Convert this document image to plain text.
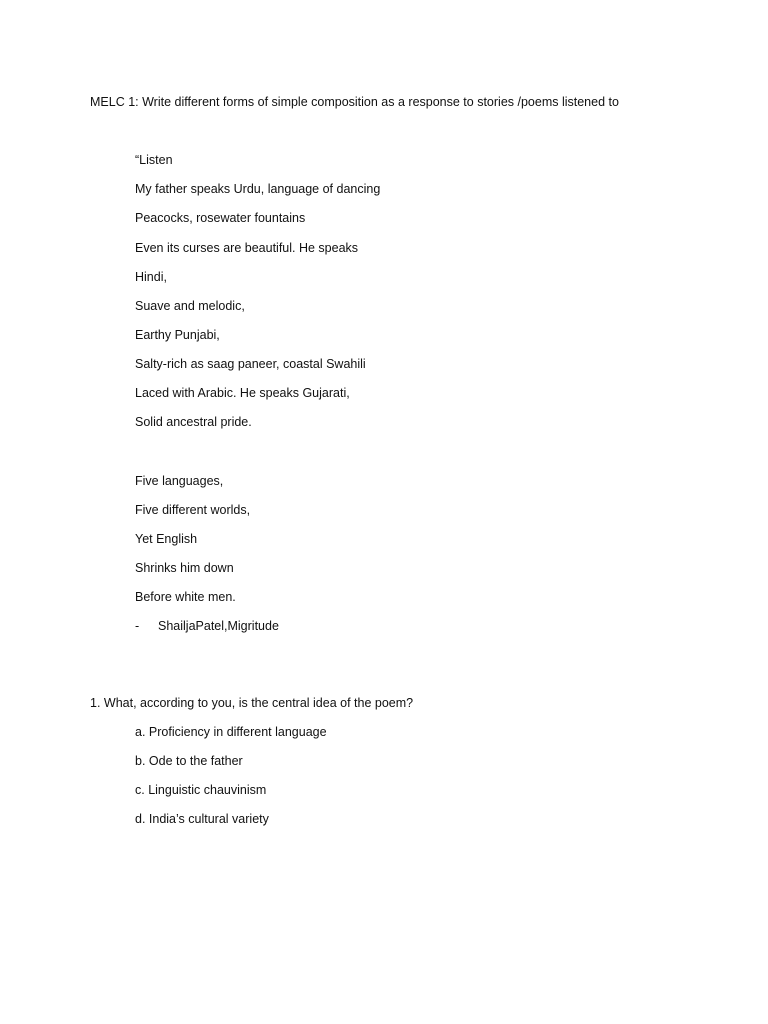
MELC 1: Write different forms of simple composition as a response to stories /poems listened to
“Listen
My father speaks Urdu, language of dancing
Peacocks, rosewater fountains
Even its curses are beautiful. He speaks
Hindi,
Suave and melodic,
Earthy Punjabi,
Salty-rich as saag paneer, coastal Swahili
Laced with Arabic. He speaks Gujarati,
Solid ancestral pride.
Five languages,
Five different worlds,
Yet English
Shrinks him down
Before white men.
- ShailjaPatel,Migritude
1. What, according to you, is the central idea of the poem?
a. Proficiency in different language
b. Ode to the father
c. Linguistic chauvinism
d. India’s cultural variety
